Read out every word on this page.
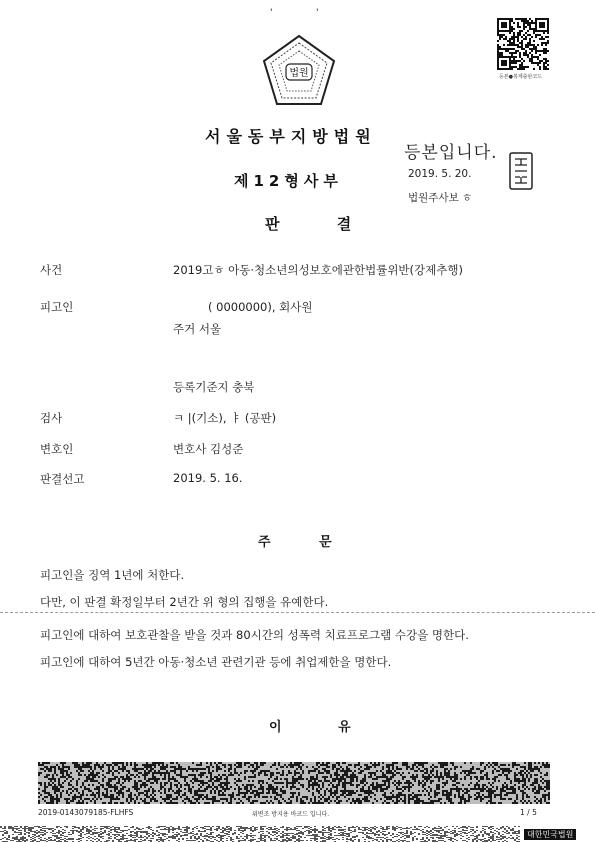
'	'
법원	등본●복제출판코드
서울동부지방법원
제12형사부
판 결
등본입니다.
2019. 5. 20.
법원주사보 ㅎ
사건	2019고ㅎ 아동·청소년의성보호에관한법률위반(강제추행)
피고인	( 0000000), 회사원
주거 서울
등록기준지 충북
검사	ㅋ |(기소), ㅑ (공판)
변호인	변호사 김성준
판결선고	2019. 5. 16.
주 문
피고인을 징역 1년에 처한다.
다만, 이 판결 확정일부터 2년간 위 형의 집행을 유예한다.
피고인에 대하여 보호관찰을 받을 것과 80시간의 성폭력 치료프로그램 수강을 명한다.
피고인에 대하여 5년간 아동·청소년 관련기관 등에 취업제한을 명한다.
이 유
2019-0143079185-FLHFS	위변조 방지용 바코드 입니다.	1 / 5
대한민국법원
